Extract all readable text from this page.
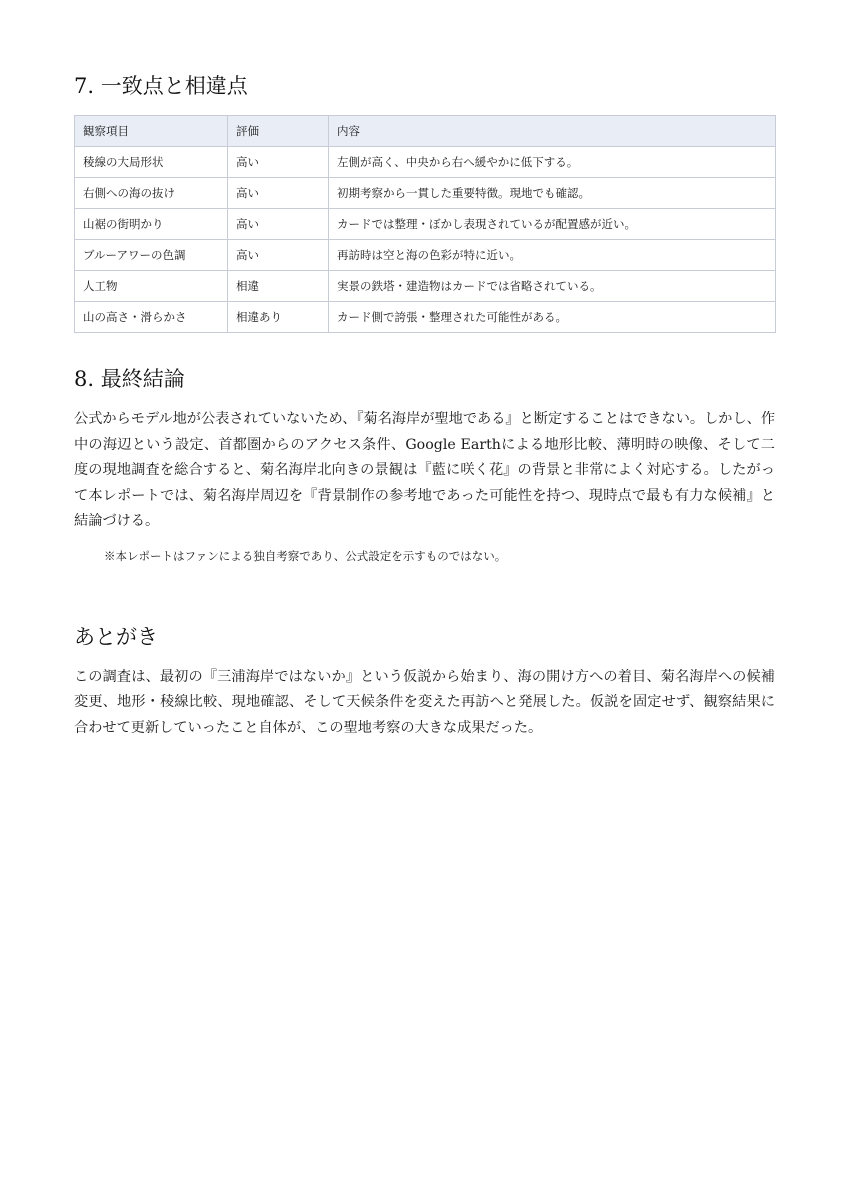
7. 一致点と相違点
観察項目	評価	内容
稜線の大局形状	高い	左側が高く、中央から右へ緩やかに低下する。
右側への海の抜け	高い	初期考察から一貫した重要特徴。現地でも確認。
山裾の街明かり	高い	カードでは整理・ぼかし表現されているが配置感が近い。
ブルーアワーの色調	高い	再訪時は空と海の色彩が特に近い。
人工物	相違	実景の鉄塔・建造物はカードでは省略されている。
山の高さ・滑らかさ	相違あり	カード側で誇張・整理された可能性がある。
8. 最終結論

公式からモデル地が公表されていないため、『菊名海岸が聖地である』と断定することはできない。しかし、作中の海辺という設定、首都圏からのアクセス条件、Google Earthによる地形比較、薄明時の映像、そして二度の現地調査を総合すると、菊名海岸北向きの景観は『藍に咲く花』の背景と非常によく対応する。したがって本レポートでは、菊名海岸周辺を『背景制作の参考地であった可能性を持つ、現時点で最も有力な候補』と結論づける。

※本レポートはファンによる独自考察であり、公式設定を示すものではない。

あとがき

この調査は、最初の『三浦海岸ではないか』という仮説から始まり、海の開け方への着目、菊名海岸への候補変更、地形・稜線比較、現地確認、そして天候条件を変えた再訪へと発展した。仮説を固定せず、観察結果に合わせて更新していったこと自体が、この聖地考察の大きな成果だった。
